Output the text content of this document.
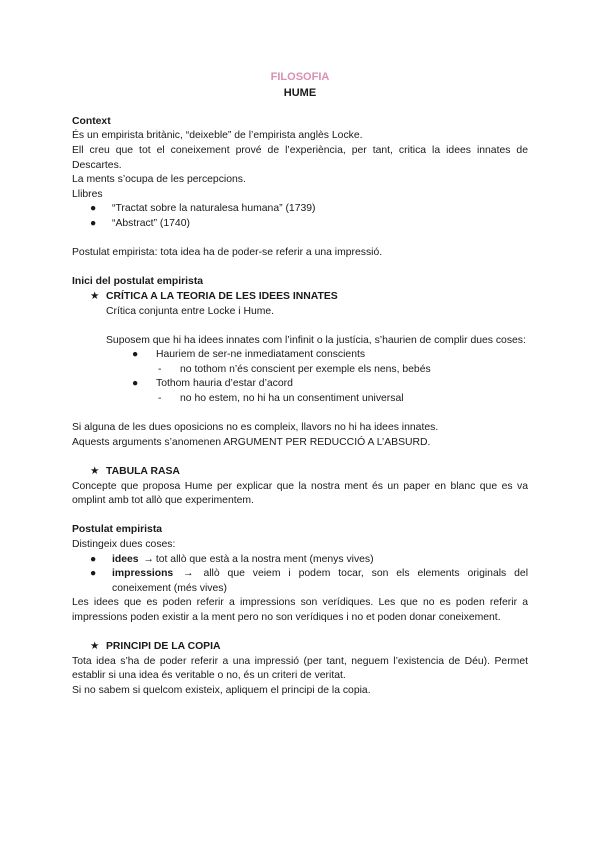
FILOSOFIA
HUME
Context
És un empirista britànic, “deixeble” de l’empirista anglès Locke.
Ell creu que tot el coneixement prové de l’experiència, per tant, critica la idees innates de Descartes.
La ments s’ocupa de les percepcions.
Llibres
● “Tractat sobre la naturalesa humana” (1739)
● “Abstract” (1740)
Postulat empirista: tota idea ha de poder-se referir a una impressió.
Inici del postulat empirista
★ CRÍTICA A LA TEORIA DE LES IDEES INNATES
Crítica conjunta entre Locke i Hume.
Suposem que hi ha idees innates com l’infinit o la justícia, s’haurien de complir dues coses:
● Hauriem de ser-ne inmediatament conscients
- no tothom n’és conscient per exemple els nens, bebés
● Tothom hauria d’estar d’acord
- no ho estem, no hi ha un consentiment universal
Si alguna de les dues oposicions no es compleix, llavors no hi ha idees innates.
Aquests arguments s’anomenen ARGUMENT PER REDUCCIÓ A L’ABSURD.
★ TABULA RASA
Concepte que proposa Hume per explicar que la nostra ment és un paper en blanc que es va omplint amb tot allò que experimentem.
Postulat empirista
Distingeix dues coses:
● idees → tot allò que està a la nostra ment (menys vives)
● impressions → allò que veiem i podem tocar, son els elements originals del coneixement (més vives)
Les idees que es poden referir a impressions son verídiques. Les que no es poden referir a impressions poden existir a la ment pero no son verídiques i no et poden donar coneixement.
★ PRINCIPI DE LA COPIA
Tota idea s’ha de poder referir a una impressió (per tant, neguem l’existencia de Déu). Permet establir si una idea és veritable o no, és un criteri de veritat.
Si no sabem si quelcom existeix, apliquem el principi de la copia.
